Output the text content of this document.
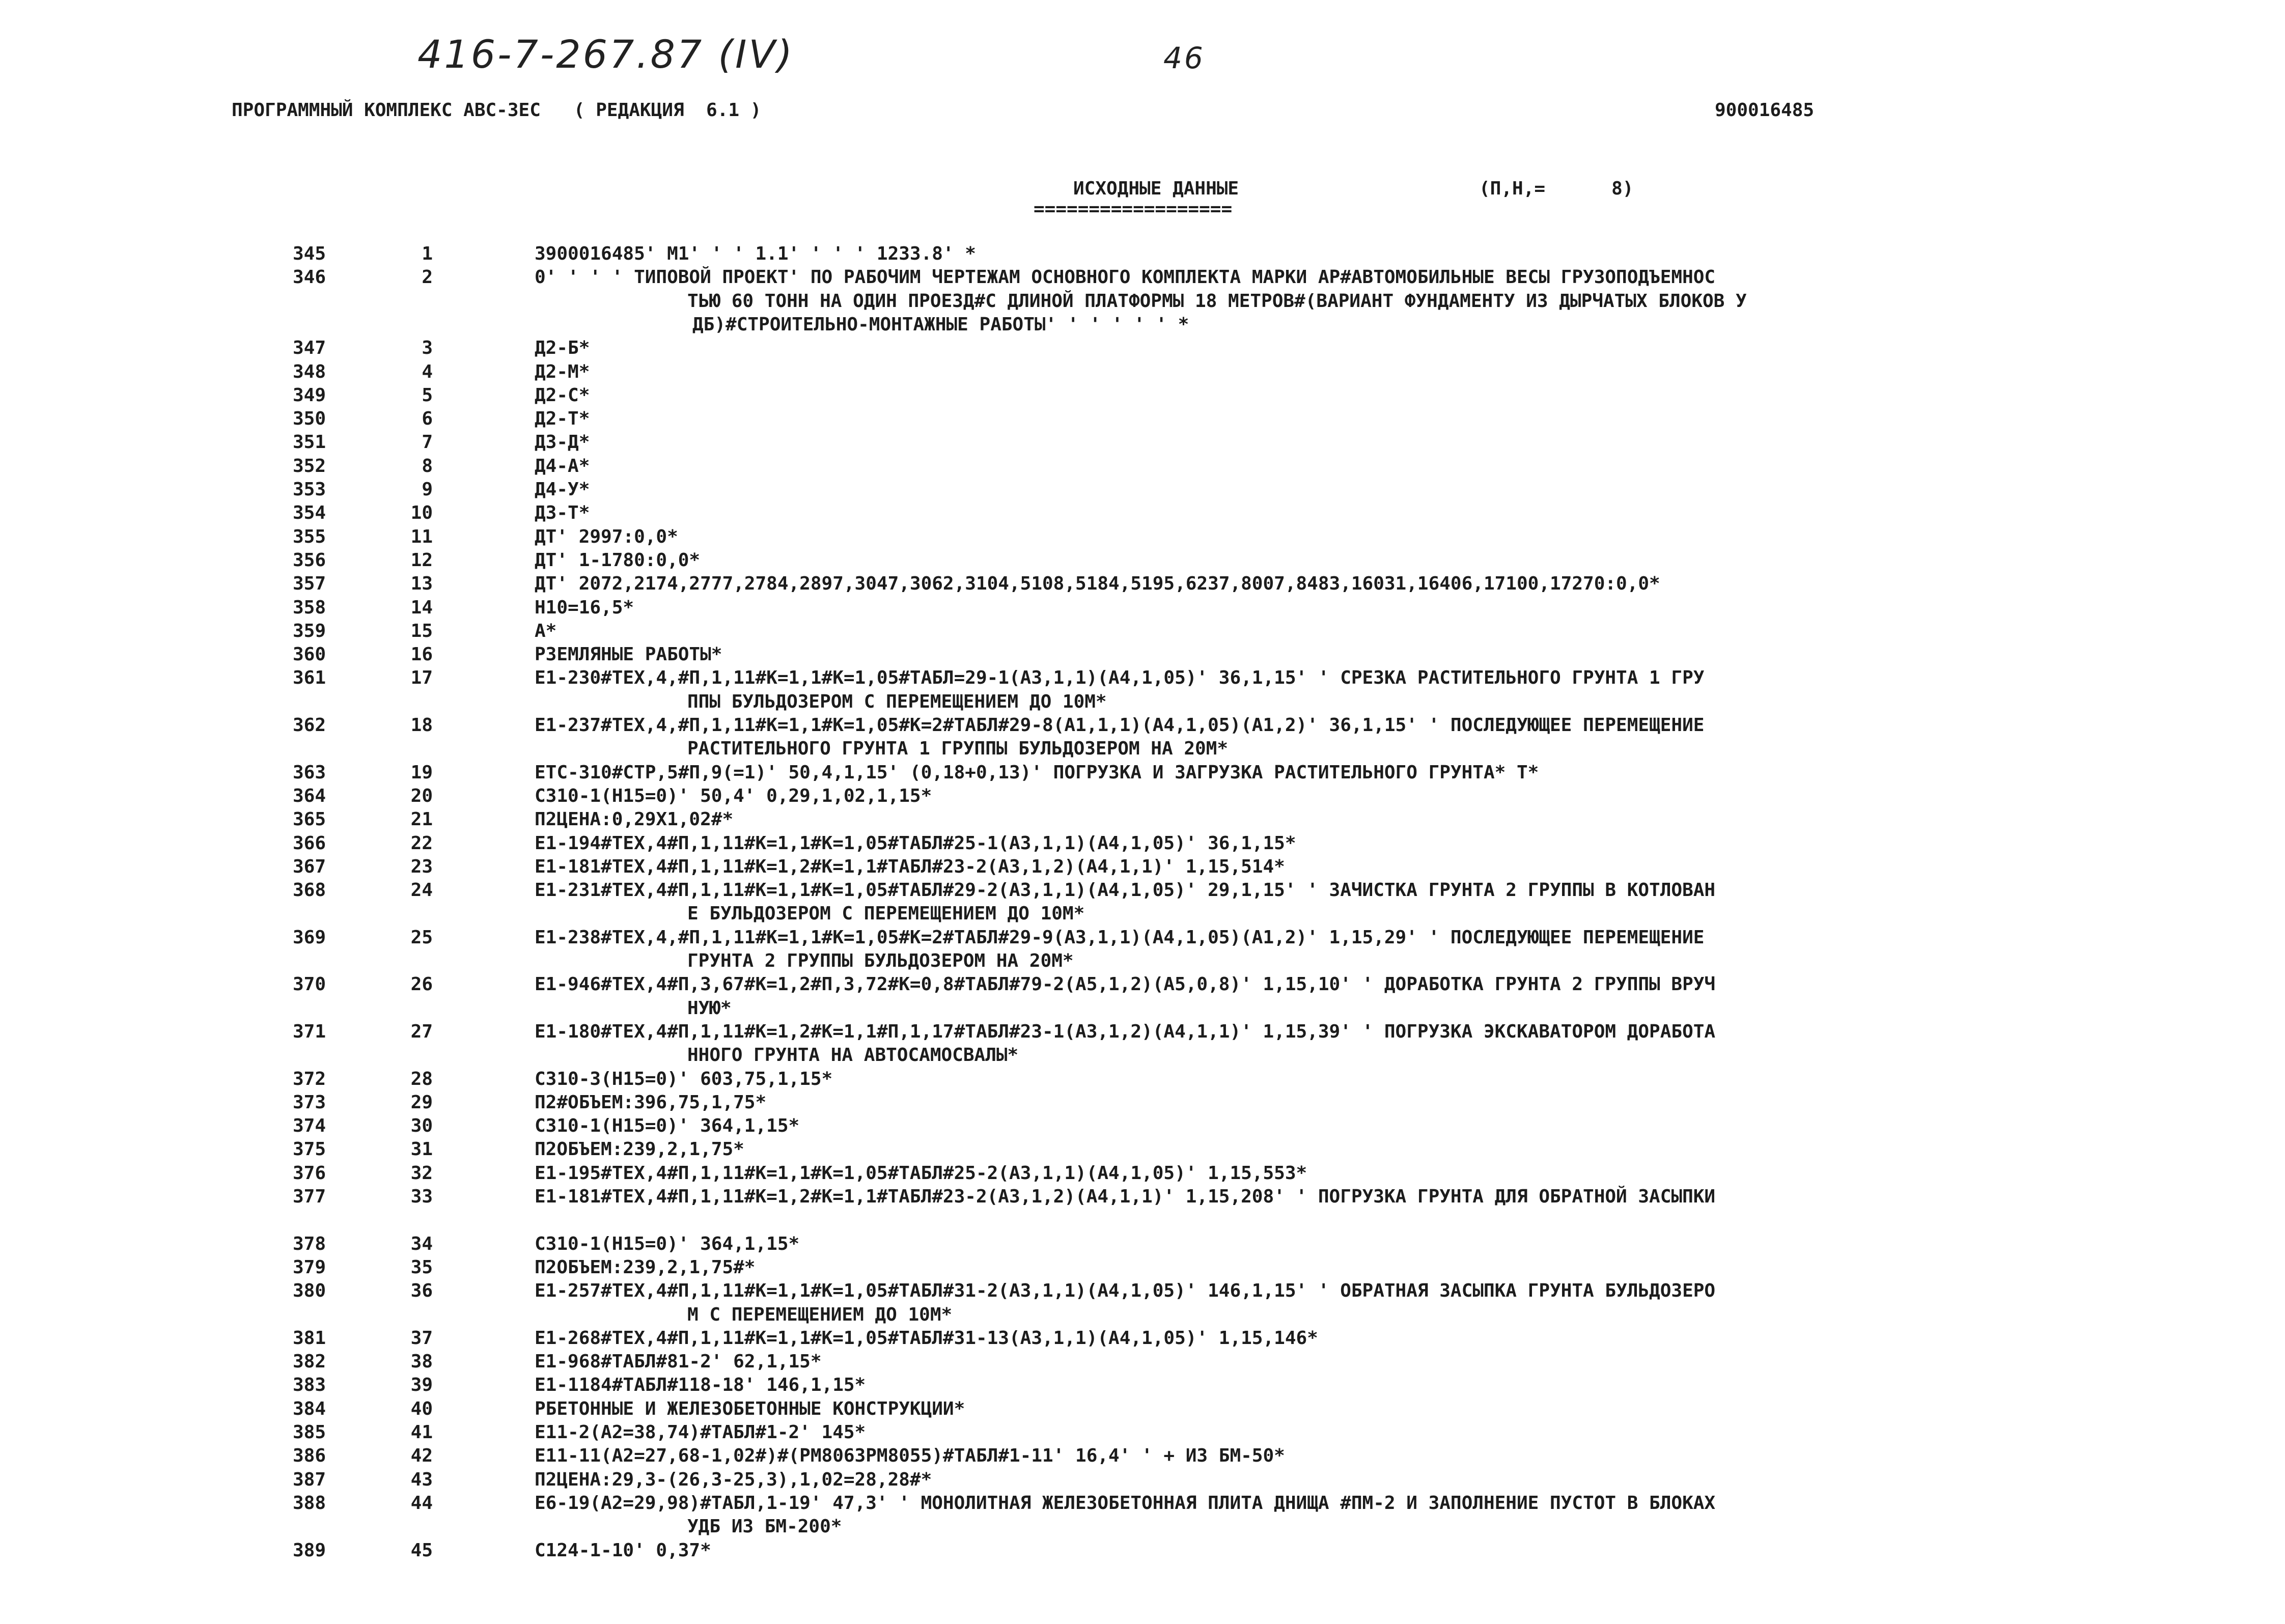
416-7-267.87 (IV)	46
ПРОГРАММНЫЙ КОМПЛЕКС АВС-3ЕС   ( РЕДАКЦИЯ  6.1 )	900016485
ИСХОДНЫЕ ДАННЫЕ
==================
(П,Н,=      8)
345	1	3900016485' М1' ' ' 1.1' ' ' ' 1233.8' *
346	2	0' ' ' ' ТИПОВОЙ ПРОЕКТ' ПО РАБОЧИМ ЧЕРТЕЖАМ ОСНОВНОГО КОМПЛЕКТА МАРКИ АР#АВТОМОБИЛЬНЫЕ ВЕСЫ ГРУЗОПОДЪЕМНОС
ТЬЮ 60 ТОНН НА ОДИН ПРОЕЗД#С ДЛИНОЙ ПЛАТФОРМЫ 18 МЕТРОВ#(ВАРИАНТ ФУНДАМЕНТУ ИЗ ДЫРЧАТЫХ БЛОКОВ У
ДБ)#СТРОИТЕЛЬНО-МОНТАЖНЫЕ РАБОТЫ' ' ' ' ' ' *
347	3	Д2-Б*
348	4	Д2-М*
349	5	Д2-С*
350	6	Д2-Т*
351	7	Д3-Д*
352	8	Д4-А*
353	9	Д4-У*
354	10	Д3-Т*
355	11	ДТ' 2997:0,0*
356	12	ДТ' 1-1780:0,0*
357	13	ДТ' 2072,2174,2777,2784,2897,3047,3062,3104,5108,5184,5195,6237,8007,8483,16031,16406,17100,17270:0,0*
358	14	Н10=16,5*
359	15	А*
360	16	РЗЕМЛЯНЫЕ РАБОТЫ*
361	17	Е1-230#ТЕХ,4,#П,1,11#К=1,1#К=1,05#ТАБЛ=29-1(А3,1,1)(А4,1,05)' 36,1,15' ' СРЕЗКА РАСТИТЕЛЬНОГО ГРУНТА 1 ГРУ
ППЫ БУЛЬДОЗЕРОМ С ПЕРЕМЕЩЕНИЕМ ДО 10М*
362	18	Е1-237#ТЕХ,4,#П,1,11#К=1,1#К=1,05#К=2#ТАБЛ#29-8(А1,1,1)(А4,1,05)(А1,2)' 36,1,15' ' ПОСЛЕДУЮЩЕЕ ПЕРЕМЕЩЕНИЕ
РАСТИТЕЛЬНОГО ГРУНТА 1 ГРУППЫ БУЛЬДОЗЕРОМ НА 20М*
363	19	ЕТС-310#СТР,5#П,9(=1)' 50,4,1,15' (0,18+0,13)' ПОГРУЗКА И ЗАГРУЗКА РАСТИТЕЛЬНОГО ГРУНТА* Т*
364	20	С310-1(Н15=0)' 50,4' 0,29,1,02,1,15*
365	21	П2ЦЕНА:0,29Х1,02#*
366	22	Е1-194#ТЕХ,4#П,1,11#К=1,1#К=1,05#ТАБЛ#25-1(А3,1,1)(А4,1,05)' 36,1,15*
367	23	Е1-181#ТЕХ,4#П,1,11#К=1,2#К=1,1#ТАБЛ#23-2(А3,1,2)(А4,1,1)' 1,15,514*
368	24	Е1-231#ТЕХ,4#П,1,11#К=1,1#К=1,05#ТАБЛ#29-2(А3,1,1)(А4,1,05)' 29,1,15' ' ЗАЧИСТКА ГРУНТА 2 ГРУППЫ В КОТЛОВАН
Е БУЛЬДОЗЕРОМ С ПЕРЕМЕЩЕНИЕМ ДО 10М*
369	25	Е1-238#ТЕХ,4,#П,1,11#К=1,1#К=1,05#К=2#ТАБЛ#29-9(А3,1,1)(А4,1,05)(А1,2)' 1,15,29' ' ПОСЛЕДУЮЩЕЕ ПЕРЕМЕЩЕНИЕ
ГРУНТА 2 ГРУППЫ БУЛЬДОЗЕРОМ НА 20М*
370	26	Е1-946#ТЕХ,4#П,3,67#К=1,2#П,3,72#К=0,8#ТАБЛ#79-2(А5,1,2)(А5,0,8)' 1,15,10' ' ДОРАБОТКА ГРУНТА 2 ГРУППЫ ВРУЧ
НУЮ*
371	27	Е1-180#ТЕХ,4#П,1,11#К=1,2#К=1,1#П,1,17#ТАБЛ#23-1(А3,1,2)(А4,1,1)' 1,15,39' ' ПОГРУЗКА ЭКСКАВАТОРОМ ДОРАБОТА
ННОГО ГРУНТА НА АВТОСАМОСВАЛЫ*
372	28	С310-3(Н15=0)' 603,75,1,15*
373	29	П2#ОБЪЕМ:396,75,1,75*
374	30	С310-1(Н15=0)' 364,1,15*
375	31	П2ОБЪЕМ:239,2,1,75*
376	32	Е1-195#ТЕХ,4#П,1,11#К=1,1#К=1,05#ТАБЛ#25-2(А3,1,1)(А4,1,05)' 1,15,553*
377	33	Е1-181#ТЕХ,4#П,1,11#К=1,2#К=1,1#ТАБЛ#23-2(А3,1,2)(А4,1,1)' 1,15,208' ' ПОГРУЗКА ГРУНТА ДЛЯ ОБРАТНОЙ ЗАСЫПКИ
378	34	С310-1(Н15=0)' 364,1,15*
379	35	П2ОБЪЕМ:239,2,1,75#*
380	36	Е1-257#ТЕХ,4#П,1,11#К=1,1#К=1,05#ТАБЛ#31-2(А3,1,1)(А4,1,05)' 146,1,15' ' ОБРАТНАЯ ЗАСЫПКА ГРУНТА БУЛЬДОЗЕРО
М С ПЕРЕМЕЩЕНИЕМ ДО 10М*
381	37	Е1-268#ТЕХ,4#П,1,11#К=1,1#К=1,05#ТАБЛ#31-13(А3,1,1)(А4,1,05)' 1,15,146*
382	38	Е1-968#ТАБЛ#81-2' 62,1,15*
383	39	Е1-1184#ТАБЛ#118-18' 146,1,15*
384	40	РБЕТОННЫЕ И ЖЕЛЕЗОБЕТОННЫЕ КОНСТРУКЦИИ*
385	41	Е11-2(А2=38,74)#ТАБЛ#1-2' 145*
386	42	Е11-11(А2=27,68-1,02#)#(РМ8063РМ8055)#ТАБЛ#1-11' 16,4' ' + ИЗ БМ-50*
387	43	П2ЦЕНА:29,3-(26,3-25,3),1,02=28,28#*
388	44	Е6-19(А2=29,98)#ТАБЛ,1-19' 47,3' ' МОНОЛИТНАЯ ЖЕЛЕЗОБЕТОННАЯ ПЛИТА ДНИЩА #ПМ-2 И ЗАПОЛНЕНИЕ ПУСТОТ В БЛОКАХ
УДБ ИЗ БМ-200*
389	45	С124-1-10' 0,37*
